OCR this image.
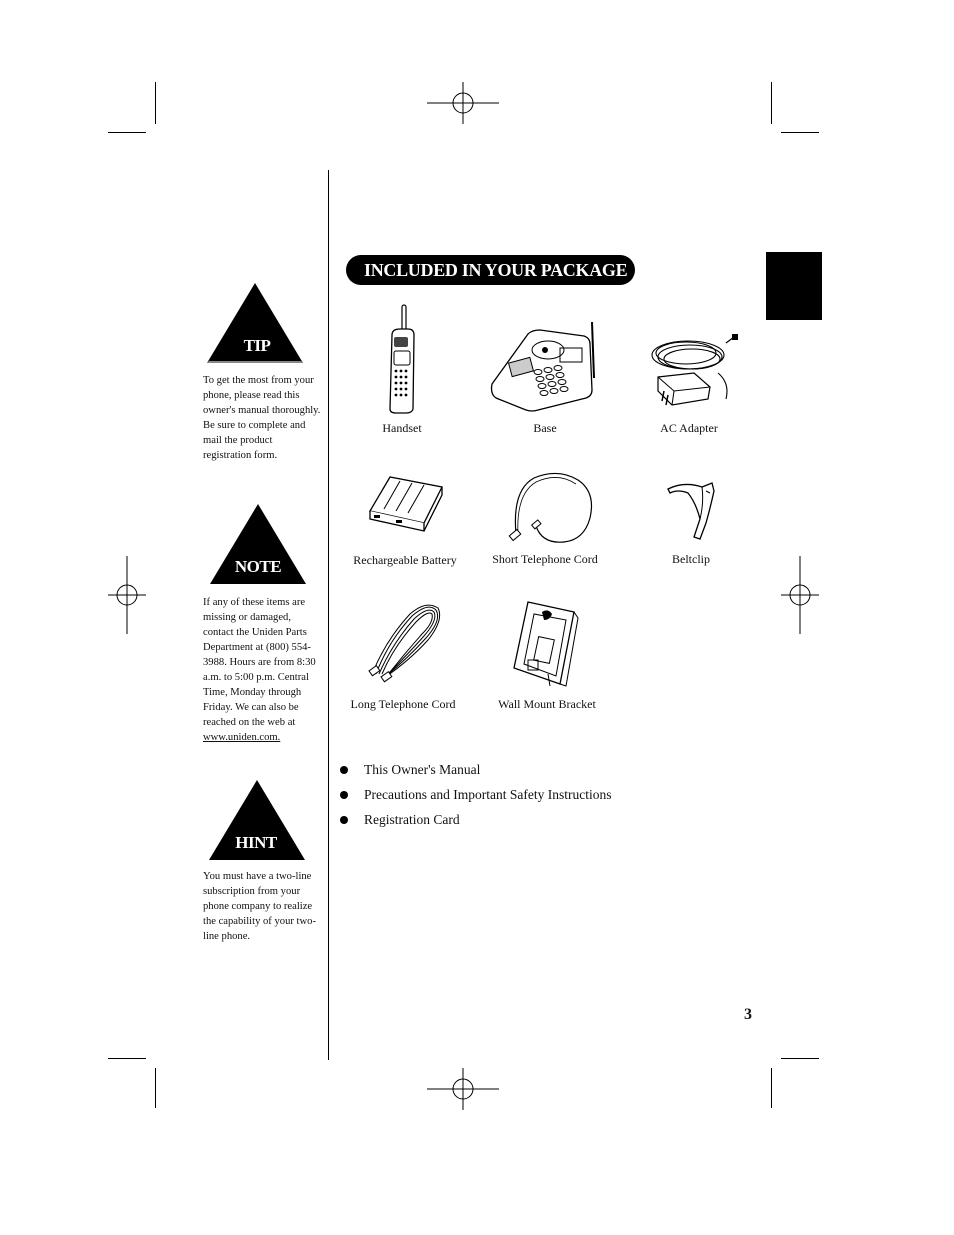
TIP
To get the most from your phone, please read this owner's manual thoroughly. Be sure to complete and mail the product registration form.
NOTE
If any of these items are missing or damaged, contact the Uniden Parts Department at (800) 554-3988. Hours are from 8:30 a.m. to 5:00 p.m. Central Time, Monday through Friday. We can also be reached on the web at www.uniden.com.
HINT
You must have a two-line subscription from your phone company to realize the capability of your two-line phone.
INCLUDED IN YOUR PACKAGE
Handset	Base	AC Adapter
Rechargeable Battery	Short Telephone Cord	Beltclip
Long Telephone Cord	Wall Mount Bracket
This Owner's Manual
Precautions and Important Safety Instructions
Registration Card
3
